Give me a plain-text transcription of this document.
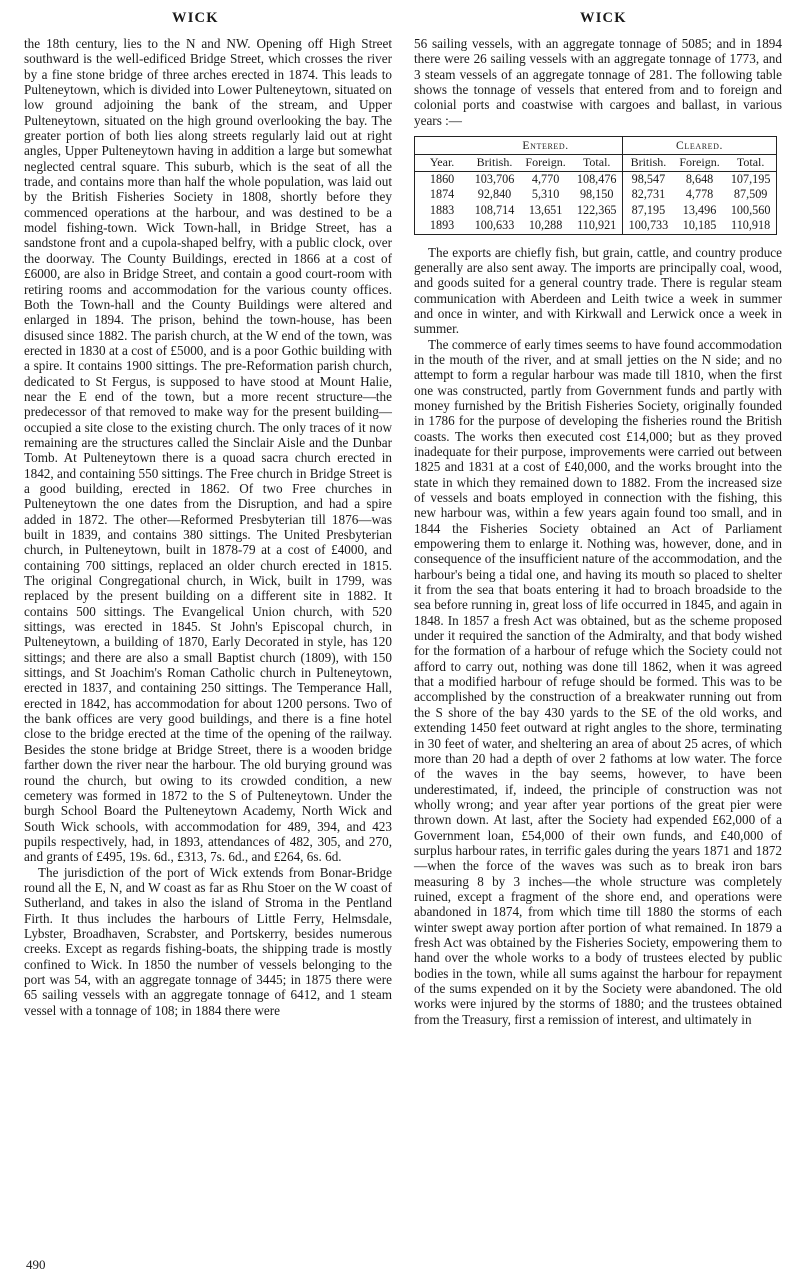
WICK	WICK

the 18th century, lies to the N and NW. Opening off High Street southward is the well-edificed Bridge Street, which crosses the river by a fine stone bridge of three arches erected in 1874. This leads to Pulteneytown, which is divided into Lower Pulteneytown, situated on low ground adjoining the bank of the stream, and Upper Pulteneytown, situated on the high ground overlooking the bay. The greater portion of both lies along streets regularly laid out at right angles, Upper Pulteneytown having in addition a large but somewhat neglected central square. This suburb, which is the seat of all the trade, and contains more than half the whole population, was laid out by the British Fisheries Society in 1808, shortly before they commenced operations at the harbour, and was destined to be a model fishing-town. Wick Town-hall, in Bridge Street, has a sandstone front and a cupola-shaped belfry, with a public clock, over the doorway. The County Buildings, erected in 1866 at a cost of £6000, are also in Bridge Street, and contain a good court-room with retiring rooms and accommodation for the various county offices. Both the Town-hall and the County Buildings were altered and enlarged in 1894. The prison, behind the town-house, has been disused since 1882. The parish church, at the W end of the town, was erected in 1830 at a cost of £5000, and is a poor Gothic building with a spire. It contains 1900 sittings. The pre-Reformation parish church, dedicated to St Fergus, is supposed to have stood at Mount Halie, near the E end of the town, but a more recent structure—the predecessor of that removed to make way for the present building—occupied a site close to the existing church. The only traces of it now remaining are the structures called the Sinclair Aisle and the Dunbar Tomb. At Pulteneytown there is a quoad sacra church erected in 1842, and containing 550 sittings. The Free church in Bridge Street is a good building, erected in 1862. Of two Free churches in Pulteneytown the one dates from the Disruption, and had a spire added in 1872. The other—Reformed Presbyterian till 1876—was built in 1839, and contains 380 sittings. The United Presbyterian church, in Pulteneytown, built in 1878-79 at a cost of £4000, and containing 700 sittings, replaced an older church erected in 1815. The original Congregational church, in Wick, built in 1799, was replaced by the present building on a different site in 1882. It contains 500 sittings. The Evangelical Union church, with 520 sittings, was erected in 1845. St John's Episcopal church, in Pulteneytown, a building of 1870, Early Decorated in style, has 120 sittings; and there are also a small Baptist church (1809), with 150 sittings, and St Joachim's Roman Catholic church in Pulteneytown, erected in 1837, and containing 250 sittings. The Temperance Hall, erected in 1842, has accommodation for about 1200 persons. Two of the bank offices are very good buildings, and there is a fine hotel close to the bridge erected at the time of the opening of the railway. Besides the stone bridge at Bridge Street, there is a wooden bridge farther down the river near the harbour. The old burying ground was round the church, but owing to its crowded condition, a new cemetery was formed in 1872 to the S of Pulteneytown. Under the burgh School Board the Pulteneytown Academy, North Wick and South Wick schools, with accommodation for 489, 394, and 423 pupils respectively, had, in 1893, attendances of 482, 305, and 270, and grants of £495, 19s. 6d., £313, 7s. 6d., and £264, 6s. 6d.

The jurisdiction of the port of Wick extends from Bonar-Bridge round all the E, N, and W coast as far as Rhu Stoer on the W coast of Sutherland, and takes in also the island of Stroma in the Pentland Firth. It thus includes the harbours of Little Ferry, Helmsdale, Lybster, Broadhaven, Scrabster, and Portskerry, besides numerous creeks. Except as regards fishing-boats, the shipping trade is mostly confined to Wick. In 1850 the number of vessels belonging to the port was 54, with an aggregate tonnage of 3445; in 1875 there were 65 sailing vessels with an aggregate tonnage of 6412, and 1 steam vessel with a tonnage of 108; in 1884 there were

56 sailing vessels, with an aggregate tonnage of 5085; and in 1894 there were 26 sailing vessels with an aggregate tonnage of 1773, and 3 steam vessels of an aggregate tonnage of 281. The following table shows the tonnage of vessels that entered from and to foreign and colonial ports and coastwise with cargoes and ballast, in various years :—

	Entered.			Cleared.		
Year.	British.	Foreign.	Total.	British.	Foreign.	Total.
1860	103,706	4,770	108,476	98,547	8,648	107,195
1874	92,840	5,310	98,150	82,731	4,778	87,509
1883	108,714	13,651	122,365	87,195	13,496	100,560
1893	100,633	10,288	110,921	100,733	10,185	110,918

The exports are chiefly fish, but grain, cattle, and country produce generally are also sent away. The imports are principally coal, wood, and goods suited for a general country trade. There is regular steam communication with Aberdeen and Leith twice a week in summer and once in winter, and with Kirkwall and Lerwick once a week in summer.

The commerce of early times seems to have found accommodation in the mouth of the river, and at small jetties on the N side; and no attempt to form a regular harbour was made till 1810, when the first one was constructed, partly from Government funds and partly with money furnished by the British Fisheries Society, originally founded in 1786 for the purpose of developing the fisheries round the British coasts. The works then executed cost £14,000; but as they proved inadequate for their purpose, improvements were carried out between 1825 and 1831 at a cost of £40,000, and the works brought into the state in which they remained down to 1882. From the increased size of vessels and boats employed in connection with the fishing, this new harbour was, within a few years again found too small, and in 1844 the Fisheries Society obtained an Act of Parliament empowering them to enlarge it. Nothing was, however, done, and in consequence of the insufficient nature of the accommodation, and the harbour's being a tidal one, and having its mouth so placed to shelter it from the sea that boats entering it had to broach broadside to the sea before running in, great loss of life occurred in 1845, and again in 1848. In 1857 a fresh Act was obtained, but as the scheme proposed under it required the sanction of the Admiralty, and that body wished for the formation of a harbour of refuge which the Society could not afford to carry out, nothing was done till 1862, when it was agreed that a modified harbour of refuge should be formed. This was to be accomplished by the construction of a breakwater running out from the S shore of the bay 430 yards to the SE of the old works, and extending 1450 feet outward at right angles to the shore, terminating in 30 feet of water, and sheltering an area of about 25 acres, of which more than 20 had a depth of over 2 fathoms at low water. The force of the waves in the bay seems, however, to have been underestimated, if, indeed, the principle of construction was not wholly wrong; and year after year portions of the great pier were thrown down. At last, after the Society had expended £62,000 of a Government loan, £54,000 of their own funds, and £40,000 of surplus harbour rates, in terrific gales during the years 1871 and 1872—when the force of the waves was such as to break iron bars measuring 8 by 3 inches—the whole structure was completely ruined, except a fragment of the shore end, and operations were abandoned in 1874, from which time till 1880 the storms of each winter swept away portion after portion of what remained. In 1879 a fresh Act was obtained by the Fisheries Society, empowering them to hand over the whole works to a body of trustees elected by public bodies in the town, while all sums against the harbour for repayment of the sums expended on it by the Society were abandoned. The old works were injured by the storms of 1880; and the trustees obtained from the Treasury, first a remission of interest, and ultimately in

490
